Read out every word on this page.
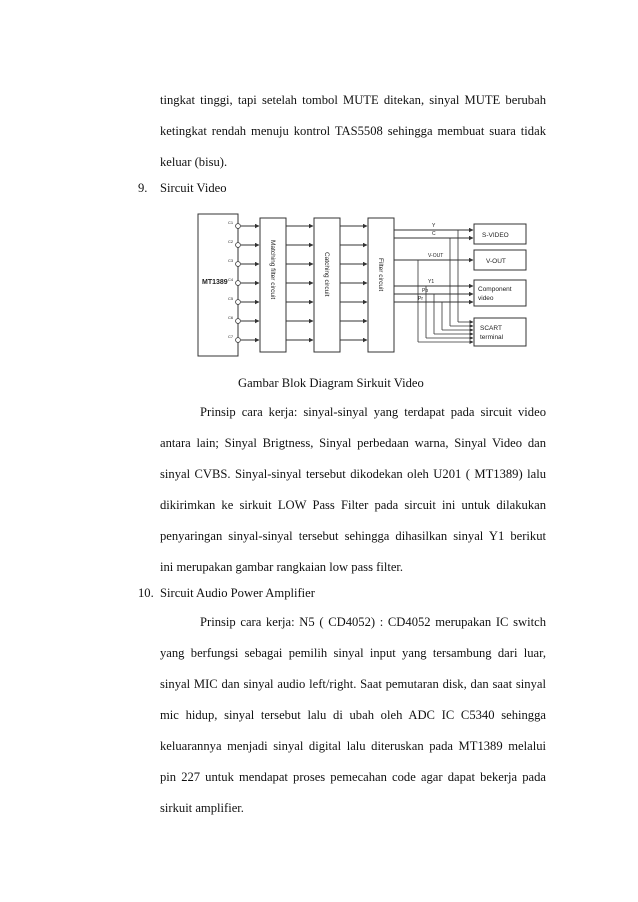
tingkat tinggi, tapi setelah tombol MUTE ditekan, sinyal MUTE berubah
ketingkat rendah menuju kontrol TAS5508 sehingga membuat suara tidak
keluar (bisu).
9. Sircuit Video
MT1389
C1
C2
C3
C4
C5
C6
C7
Matching filter circuit	Catching circuit	Filter circuit
Y
C
V-OUT
Y1
Pb
Pr
S-VIDEO
V-OUT
Component
video
SCART
terminal
Gambar Blok Diagram Sirkuit Video
Prinsip cara kerja: sinyal-sinyal yang terdapat pada sircuit video
antara lain; Sinyal Brigtness, Sinyal perbedaan warna, Sinyal Video dan
sinyal CVBS. Sinyal-sinyal tersebut dikodekan oleh U201 ( MT1389) lalu
dikirimkan ke sirkuit LOW Pass Filter pada sircuit ini untuk dilakukan
penyaringan sinyal-sinyal tersebut sehingga dihasilkan sinyal Y1 berikut
ini merupakan gambar rangkaian low pass filter.
10. Sircuit Audio Power Amplifier
Prinsip cara kerja: N5 ( CD4052) : CD4052 merupakan IC switch
yang berfungsi sebagai pemilih sinyal input yang tersambung dari luar,
sinyal MIC dan sinyal audio left/right. Saat pemutaran disk, dan saat sinyal
mic hidup, sinyal tersebut lalu di ubah oleh ADC IC C5340 sehingga
keluarannya menjadi sinyal digital lalu diteruskan pada MT1389 melalui
pin 227 untuk mendapat proses pemecahan code agar dapat bekerja pada
sirkuit amplifier.
